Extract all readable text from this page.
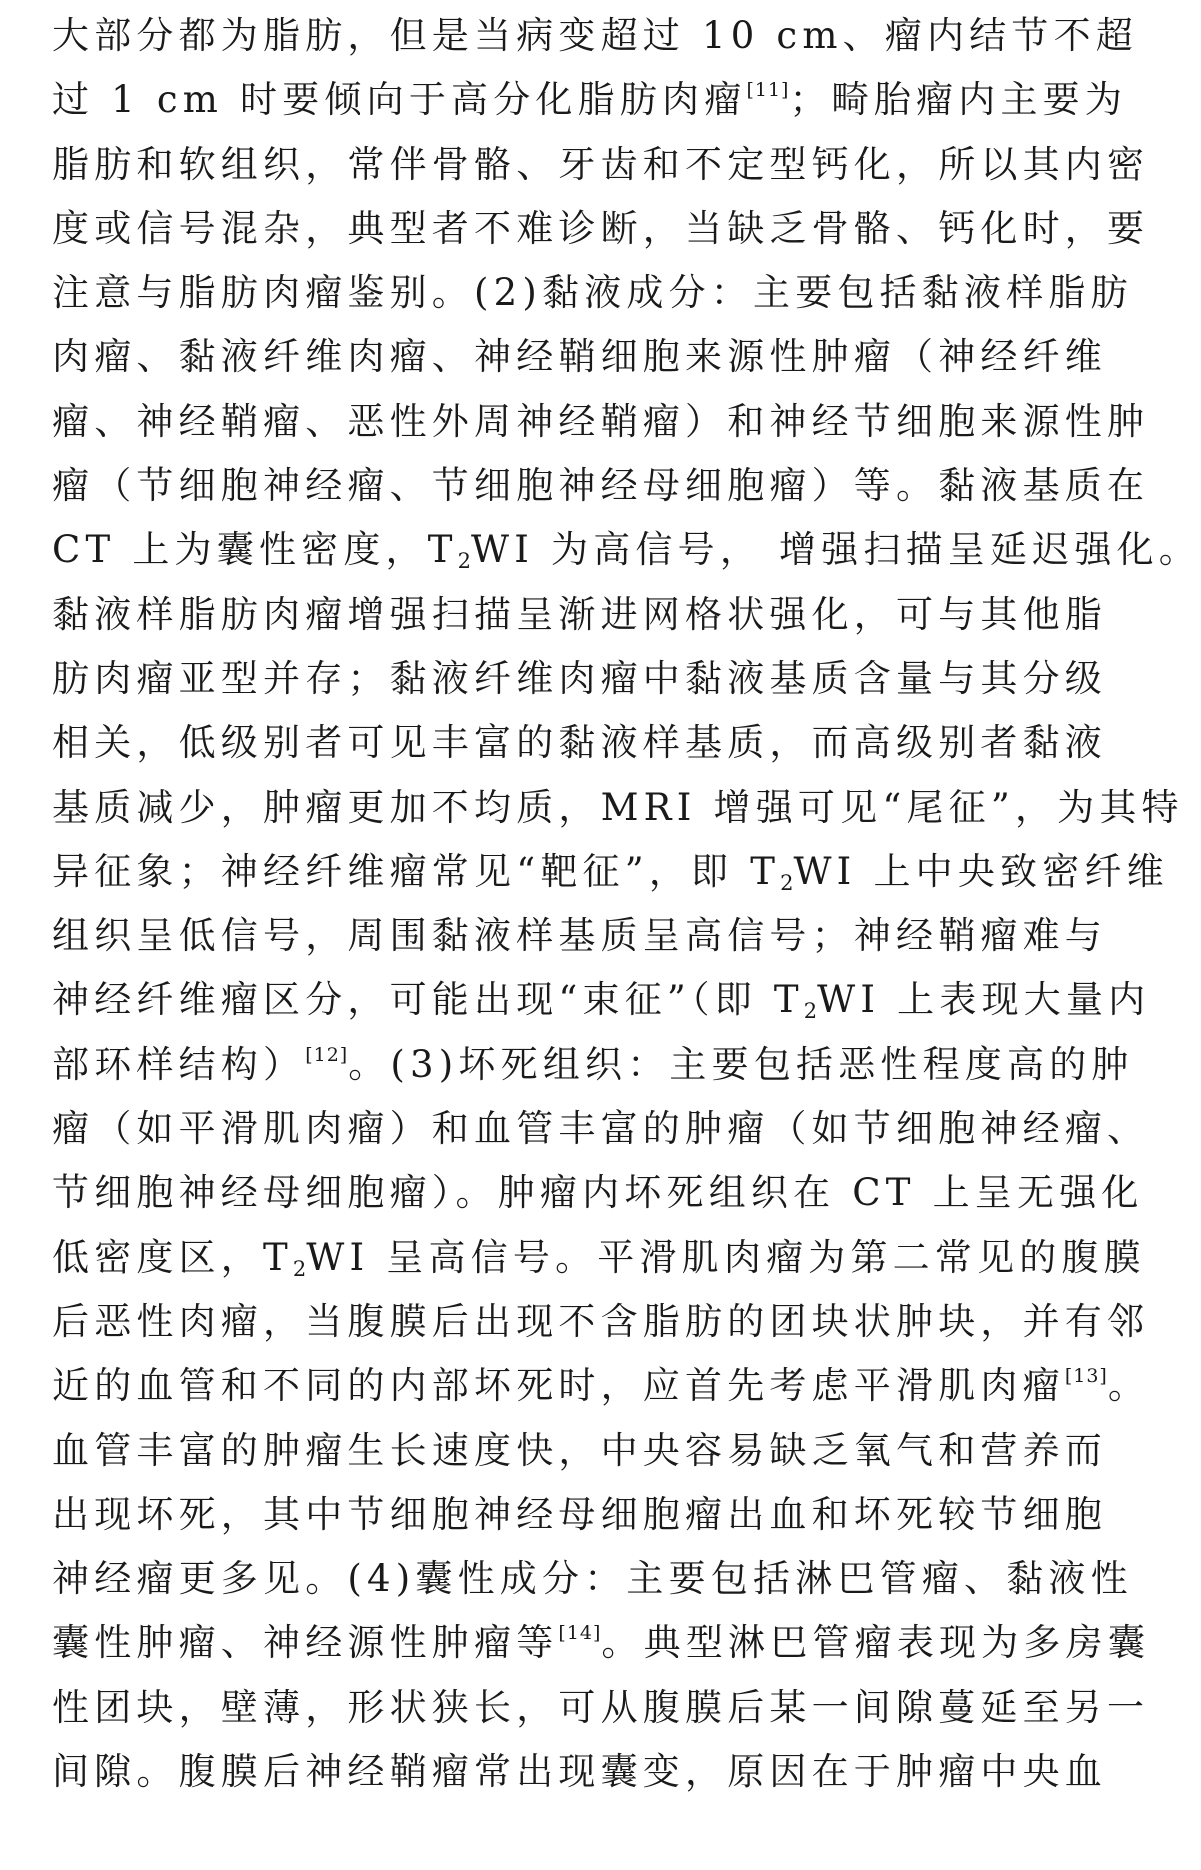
大部分都为脂肪，但是当病变超过 10 cm、瘤内结节不超
过 1 cm 时要倾向于高分化脂肪肉瘤[11]；畸胎瘤内主要为
脂肪和软组织，常伴骨骼、牙齿和不定型钙化，所以其内密
度或信号混杂，典型者不难诊断，当缺乏骨骼、钙化时，要
注意与脂肪肉瘤鉴别。(2)黏液成分：主要包括黏液样脂肪
肉瘤、黏液纤维肉瘤、神经鞘细胞来源性肿瘤（神经纤维
瘤、神经鞘瘤、恶性外周神经鞘瘤）和神经节细胞来源性肿
瘤（节细胞神经瘤、节细胞神经母细胞瘤）等。黏液基质在
CT 上为囊性密度，$T_2WI$ 为高信号， 增强扫描呈延迟强化。
黏液样脂肪肉瘤增强扫描呈渐进网格状强化，可与其他脂
肪肉瘤亚型并存；黏液纤维肉瘤中黏液基质含量与其分级
相关，低级别者可见丰富的黏液样基质，而高级别者黏液
基质减少，肿瘤更加不均质，MRI 增强可见“尾征”，为其特
异征象；神经纤维瘤常见“靶征”，即 $T_2WI$ 上中央致密纤维
组织呈低信号，周围黏液样基质呈高信号；神经鞘瘤难与
神经纤维瘤区分，可能出现“束征”（即 $T_2WI$ 上表现大量内
部环样结构）[12]。(3)坏死组织：主要包括恶性程度高的肿
瘤（如平滑肌肉瘤）和血管丰富的肿瘤（如节细胞神经瘤、
节细胞神经母细胞瘤）。肿瘤内坏死组织在 CT 上呈无强化
低密度区，$T_2WI$ 呈高信号。平滑肌肉瘤为第二常见的腹膜
后恶性肉瘤，当腹膜后出现不含脂肪的团块状肿块，并有邻
近的血管和不同的内部坏死时，应首先考虑平滑肌肉瘤[13]。
血管丰富的肿瘤生长速度快，中央容易缺乏氧气和营养而
出现坏死，其中节细胞神经母细胞瘤出血和坏死较节细胞
神经瘤更多见。(4)囊性成分：主要包括淋巴管瘤、黏液性
囊性肿瘤、神经源性肿瘤等[14]。典型淋巴管瘤表现为多房囊
性团块，壁薄，形状狭长，可从腹膜后某一间隙蔓延至另一
间隙。腹膜后神经鞘瘤常出现囊变，原因在于肿瘤中央血
